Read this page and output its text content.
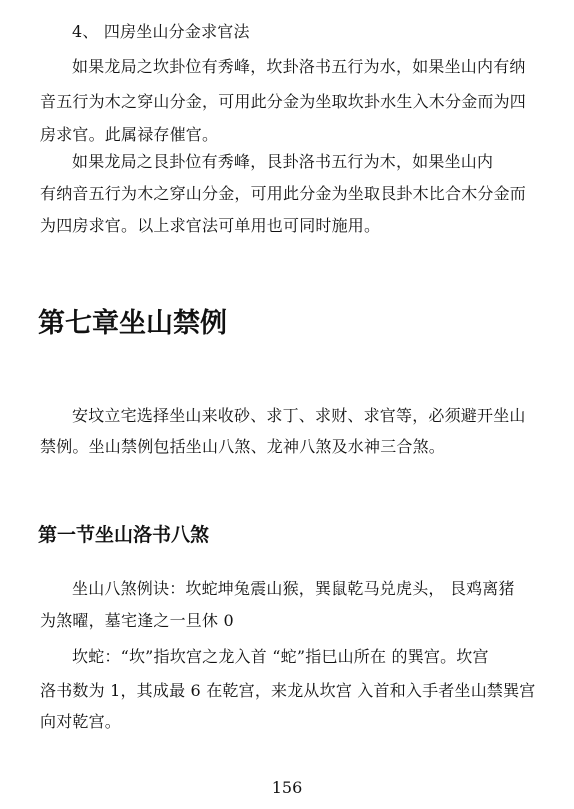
4、 四房坐山分金求官法
如果龙局之坎卦位有秀峰，坎卦洛书五行为水，如果坐山内有纳
音五行为木之穿山分金，可用此分金为坐取坎卦水生入木分金而为四
房求官。此属禄存催官。
如果龙局之艮卦位有秀峰，艮卦洛书五行为木，如果坐山内
有纳音五行为木之穿山分金，可用此分金为坐取艮卦木比合木分金而
为四房求官。以上求官法可单用也可同时施用。
第七章坐山禁例
安坟立宅选择坐山来收砂、求丁、求财、求官等，必须避开坐山
禁例。坐山禁例包括坐山八煞、龙神八煞及水神三合煞。
第一节坐山洛书八煞
坐山八煞例诀：坎蛇坤兔震山猴，巽鼠乾马兑虎头， 艮鸡离猪
为煞曜，墓宅逢之一旦休 0
坎蛇：“坎”指坎宫之龙入首 “蛇”指巳山所在 的巽宫。坎宫
洛书数为 1，其成最 6 在乾宫，来龙从坎宫 入首和入手者坐山禁巽宫
向对乾宫。
156
